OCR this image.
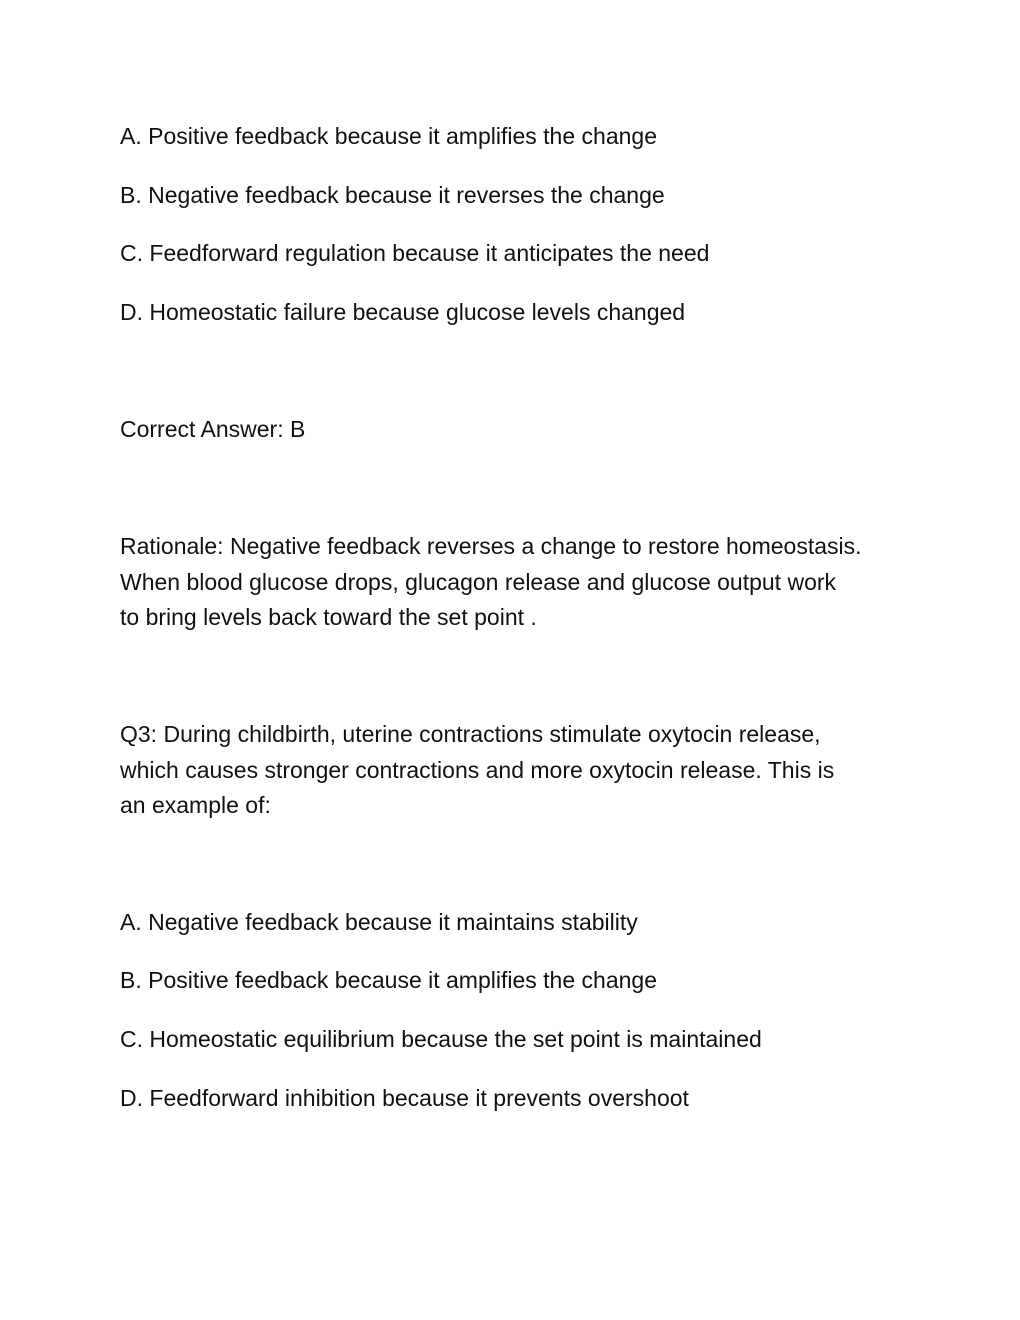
A. Positive feedback because it amplifies the change

B. Negative feedback because it reverses the change

C. Feedforward regulation because it anticipates the need

D. Homeostatic failure because glucose levels changed

Correct Answer: B

Rationale: Negative feedback reverses a change to restore homeostasis.
When blood glucose drops, glucagon release and glucose output work
to bring levels back toward the set point .
Q3: During childbirth, uterine contractions stimulate oxytocin release,
which causes stronger contractions and more oxytocin release. This is
an example of:

A. Negative feedback because it maintains stability

B. Positive feedback because it amplifies the change

C. Homeostatic equilibrium because the set point is maintained

D. Feedforward inhibition because it prevents overshoot
